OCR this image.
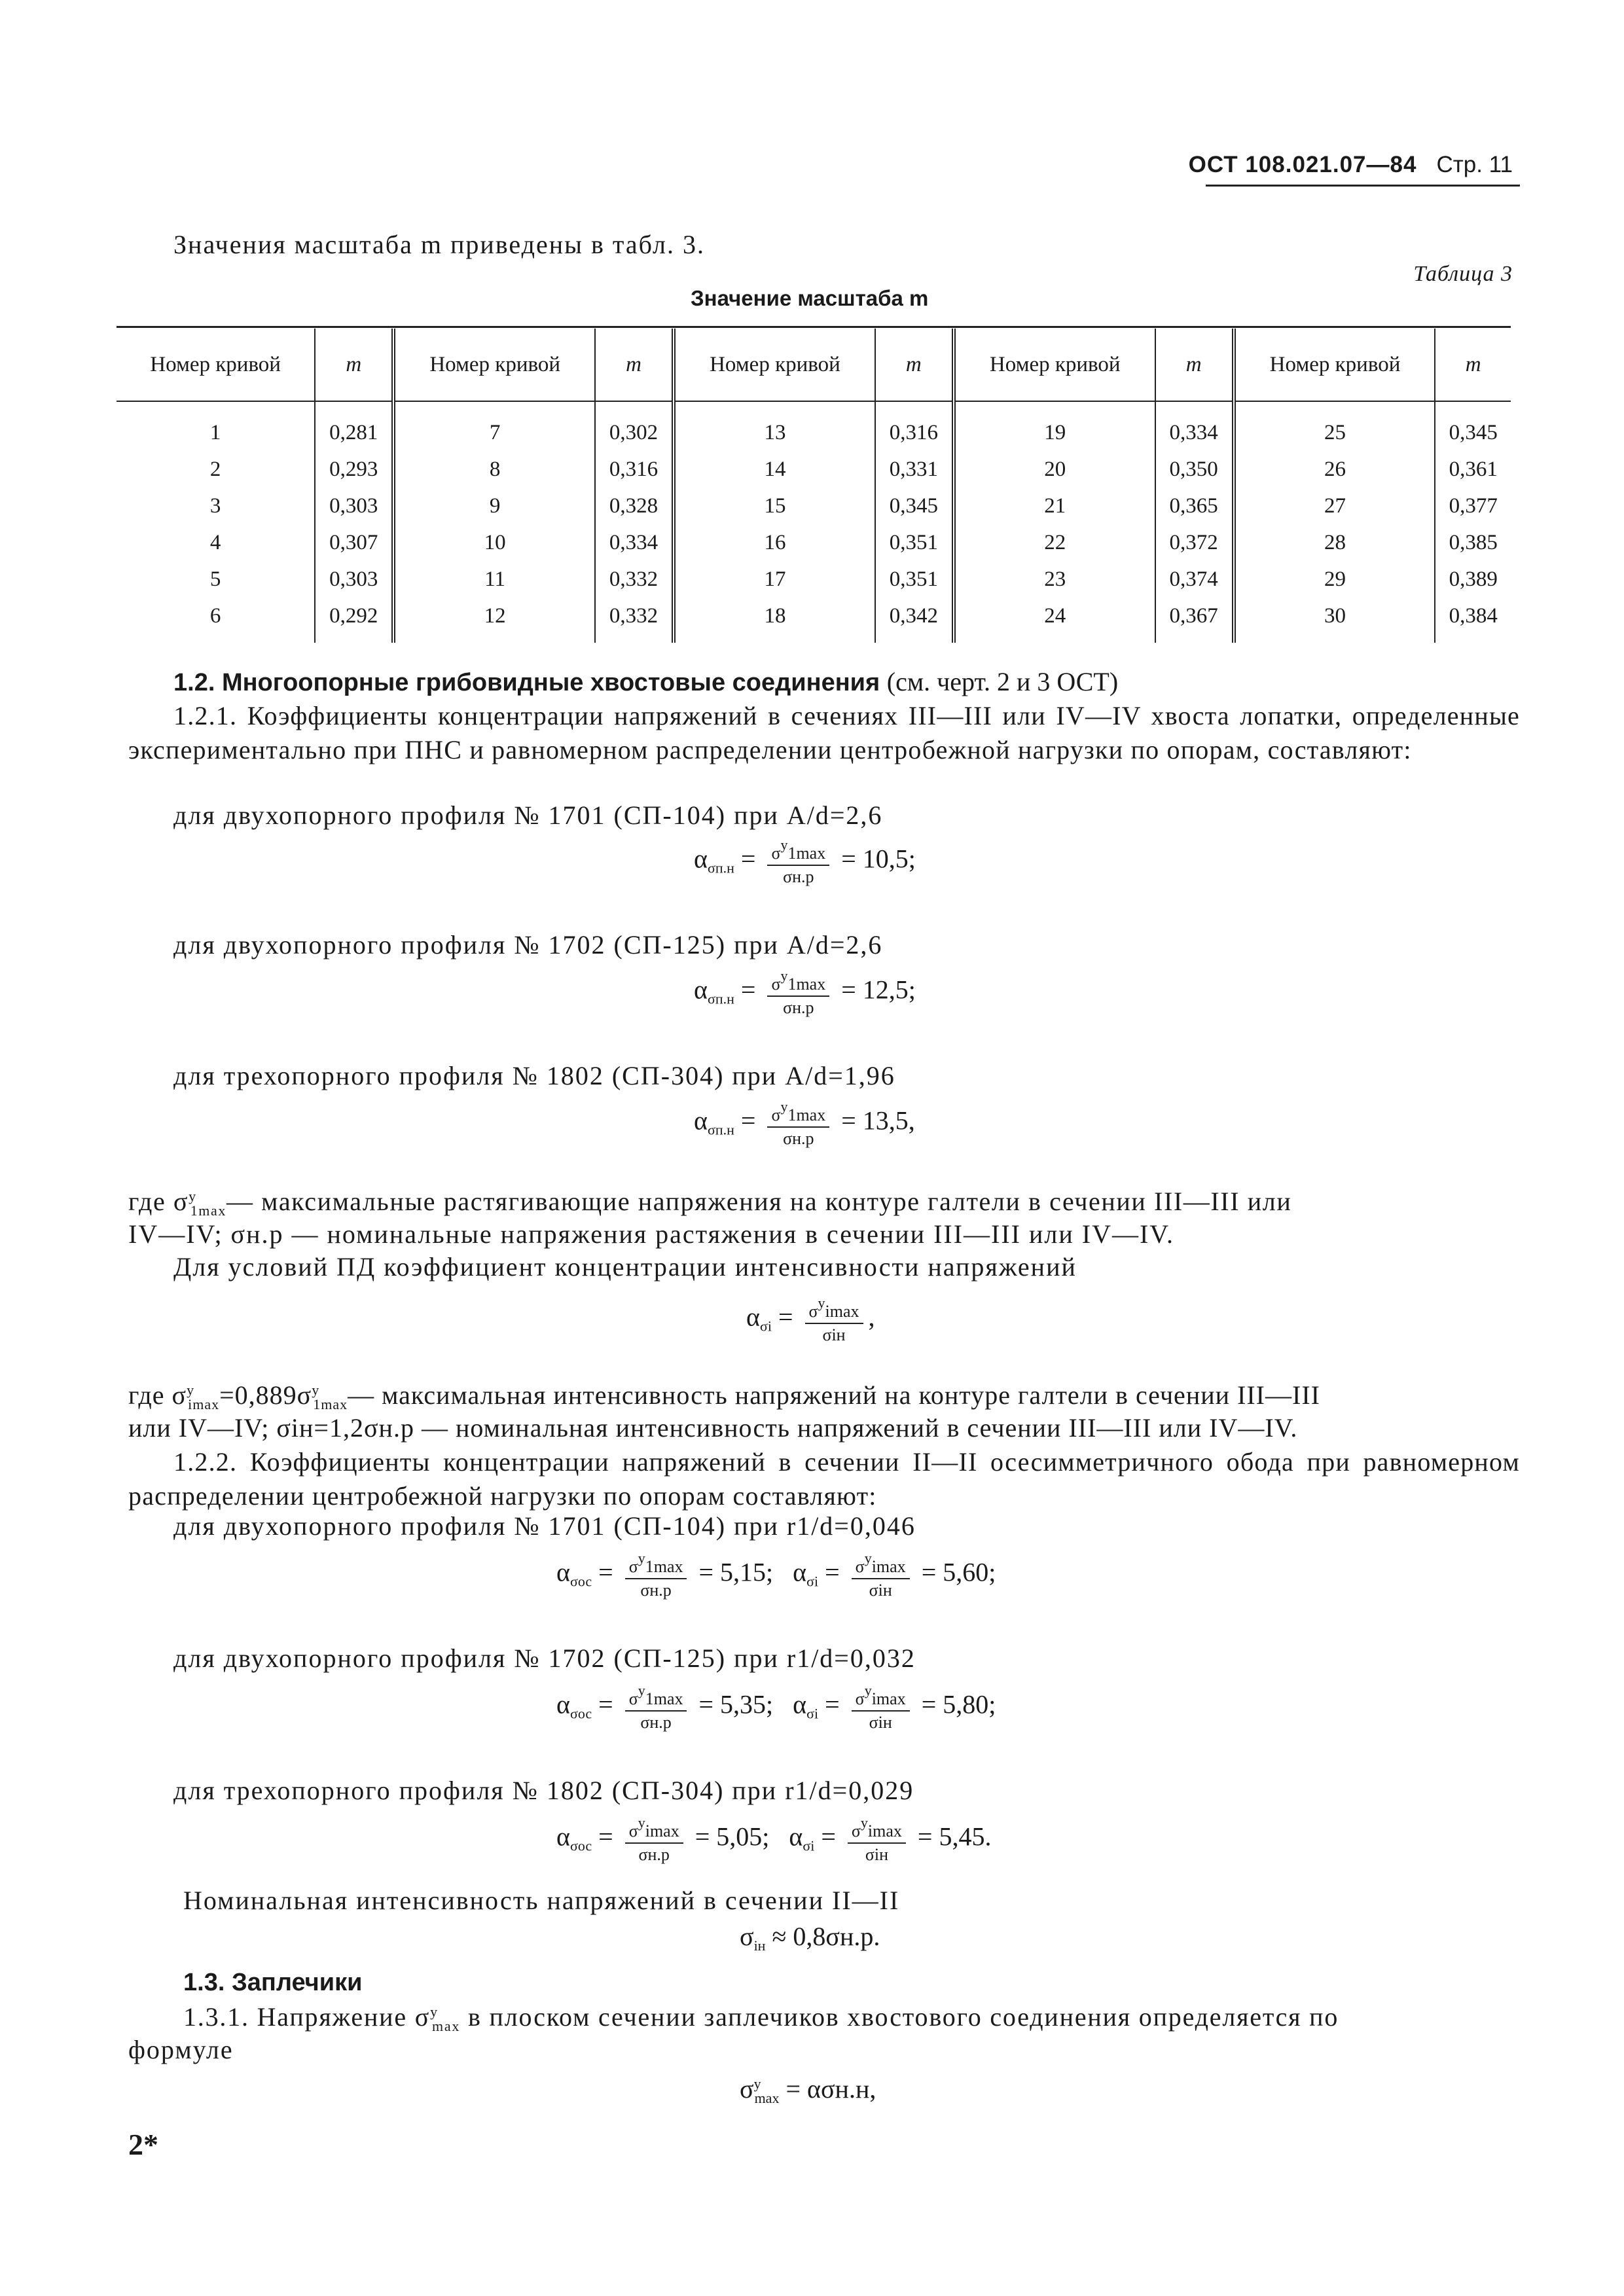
ОСТ 108.021.07—84 Стр. 11
Значения масштаба m приведены в табл. 3.
Таблица 3
Значение масштаба m
Номер кривой	m	Номер кривой	m	Номер кривой	m	Номер кривой	m	Номер кривой	m
1	0,281	7	0,302	13	0,316	19	0,334	25	0,345
2	0,293	8	0,316	14	0,331	20	0,350	26	0,361
3	0,303	9	0,328	15	0,345	21	0,365	27	0,377
4	0,307	10	0,334	16	0,351	22	0,372	28	0,385
5	0,303	11	0,332	17	0,351	23	0,374	29	0,389
6	0,292	12	0,332	18	0,342	24	0,367	30	0,384
1.2. Многоопорные грибовидные хвостовые соединения (см. черт. 2 и 3 ОСТ)
1.2.1. Коэффициенты концентрации напряжений в сечениях III—III или IV—IV хвоста лопатки, определенные экспериментально при ПНС и равномерном распределении центробежной нагрузки по опорам, составляют:
для двухопорного профиля № 1701 (СП-104) при A/d=2,6
$\alpha_{\sigma п.н} = \frac{\sigma^y1\max}{\sigma н.р} = 10,5$;
для двухопорного профиля № 1702 (СП-125) при A/d=2,6
$\alpha_{\sigma п.н} = \frac{\sigma^y1\max}{\sigma н.р} = 12,5$;
для трехопорного профиля № 1802 (СП-304) при A/d=1,96
$\alpha_{\sigma п.н} = \frac{\sigma^y1\max}{\sigma н.р} = 13,5$,
где $\sigma^y_{1max}—$ максимальные растягивающие напряжения на контуре галтели в сечении III—III или
IV—IV; σн.р — номинальные напряжения растяжения в сечении III—III или IV—IV.
Для условий ПД коэффициент концентрации интенсивности напряжений
$\alpha_{\sigma i} = \frac{\sigma^yimax}{\text{σiн}}$ ,
где $\sigma^y_{imax}=0,889\sigma^y_{1max}—$ максимальная интенсивность напряжений на контуре галтели в сечении III—III
или IV—IV; σiн=1,2σн.р — номинальная интенсивность напряжений в сечении III—III или IV—IV.
1.2.2. Коэффициенты концентрации напряжений в сечении II—II осесимметричного обода при равномерном распределении центробежной нагрузки по опорам составляют:
для двухопорного профиля № 1701 (СП-104) при r1/d=0,046
$\alpha_{\sigma ос} = \frac{\sigma^y1\max}{\sigma н.р} = 5,15$;   $\alpha_{\sigma i} = \frac{\sigma^yimax}{\text{σiн}} = 5,60$;
для двухопорного профиля № 1702 (СП-125) при r1/d=0,032
$\alpha_{\sigma ос} = \frac{\sigma^y1\max}{\sigma н.р} = 5,35$;   $\alpha_{\sigma i} = \frac{\sigma^yimax}{\text{σiн}} = 5,80$;
для трехопорного профиля № 1802 (СП-304) при r1/d=0,029
$\alpha_{\sigma ос} = \frac{\sigma^yimax}{\sigma н.р} = 5,05$;   $\alpha_{\sigma i} = \frac{\sigma^yimax}{\text{σiн}} = 5,45$.
Номинальная интенсивность напряжений в сечении II—II
$\sigma_{iн} \approx 0,8\sigma н.р$.
1.3. Заплечики
1.3.1. Напряжение $\sigma^y_{max}$ в плоском сечении заплечиков хвостового соединения определяется по
формуле
$\sigma^y_{max} = \alpha\sigma н.н$,
2*
